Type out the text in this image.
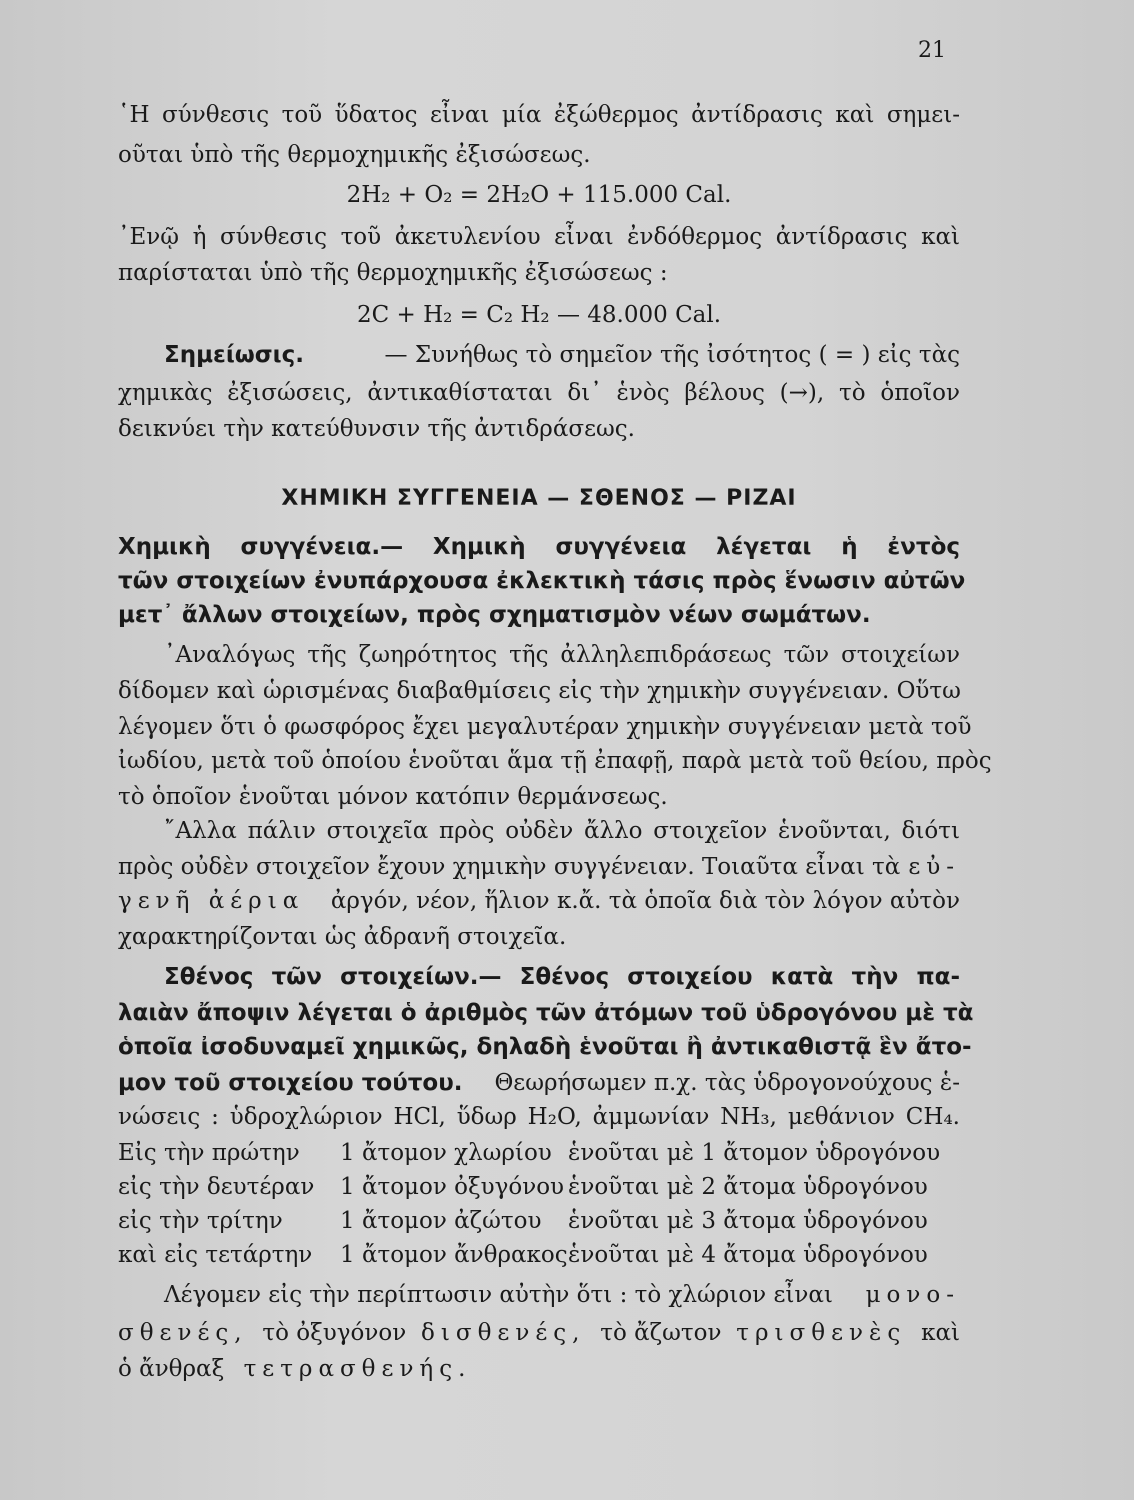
21
῾Η σύνθεσις τοῦ ὕδατος εἶναι μία ἐξώθερμος ἀντίδρασις καὶ σημει-
οῦται ὑπὸ τῆς θερμοχημικῆς ἐξισώσεως.
2H₂ + O₂ = 2H₂O + 115.000 Cal.
᾿Ενῷ ἡ σύνθεσις τοῦ ἀκετυλενίου εἶναι ἐνδόθερμος ἀντίδρασις καὶ
παρίσταται ὑπὸ τῆς θερμοχημικῆς ἐξισώσεως :
2C + H₂ = C₂ H₂ — 48.000 Cal.
Σημείωσις.	— Συνήθως τὸ σημεῖον τῆς ἰσότητος ( = ) εἰς τὰς
χημικὰς ἐξισώσεις, ἀντικαθίσταται δι᾿ ἑνὸς βέλους (→), τὸ ὁποῖον
δεικνύει τὴν κατεύθυνσιν τῆς ἀντιδράσεως.
ΧΗΜΙΚΗ ΣΥΓΓΕΝΕΙΑ — ΣΘΕΝΟΣ — ΡΙΖΑΙ
Χημικὴ συγγένεια.— Χημικὴ συγγένεια λέγεται ἡ ἐντὸς
τῶν στοιχείων ἐνυπάρχουσα ἐκλεκτικὴ τάσις πρὸς ἕνωσιν αὐτῶν
μετ᾿ ἄλλων στοιχείων, πρὸς σχηματισμὸν νέων σωμάτων.
᾿Αναλόγως τῆς ζωηρότητος τῆς ἀλληλεπιδράσεως τῶν στοιχείων
δίδομεν καὶ ὡρισμένας διαβαθμίσεις εἰς τὴν χημικὴν συγγένειαν. Οὕτω
λέγομεν ὅτι ὁ φωσφόρος ἔχει μεγαλυτέραν χημικὴν συγγένειαν μετὰ τοῦ
ἰωδίου, μετὰ τοῦ ὁποίου ἑνοῦται ἅμα τῇ ἐπαφῇ, παρὰ μετὰ τοῦ θείου, πρὸς
τὸ ὁποῖον ἑνοῦται μόνον κατόπιν θερμάνσεως.
῎Αλλα πάλιν στοιχεῖα πρὸς οὐδὲν ἄλλο στοιχεῖον ἑνοῦνται, διότι
πρὸς οὐδὲν στοιχεῖον ἔχουν χημικὴν συγγένειαν. Τοιαῦτα εἶναι τὰ εὐ-
γενῆ ἀέρια ἀργόν, νέον, ἥλιον κ.ἄ. τὰ ὁποῖα διὰ τὸν λόγον αὐτὸν
χαρακτηρίζονται ὡς ἀδρανῆ στοιχεῖα.
Σθένος τῶν στοιχείων.— Σθένος στοιχείου κατὰ τὴν πα-
λαιὰν ἄποψιν λέγεται ὁ ἀριθμὸς τῶν ἀτόμων τοῦ ὑδρογόνου μὲ τὰ
ὁποῖα ἰσοδυναμεῖ χημικῶς, δηλαδὴ ἑνοῦται ἢ ἀντικαθιστᾷ ἓν ἄτο-
μον τοῦ στοιχείου τούτου. Θεωρήσωμεν π.χ. τὰς ὑδρογονούχους ἑ-
νώσεις : ὑδροχλώριον HCl, ὕδωρ H₂O, ἀμμωνίαν NH₃, μεθάνιον CH₄.
Εἰς τὴν πρώτην 1 ἄτομον χλωρίου ἑνοῦται μὲ 1 ἄτομον ὑδρογόνου
εἰς τὴν δευτέραν 1 ἄτομον ὀξυγόνου ἑνοῦται μὲ 2 ἄτομα ὑδρογόνου
εἰς τὴν τρίτην 1 ἄτομον ἀζώτου ἑνοῦται μὲ 3 ἄτομα ὑδρογόνου
καὶ εἰς τετάρτην 1 ἄτομον ἄνθρακος ἑνοῦται μὲ 4 ἄτομα ὑδρογόνου
Λέγομεν εἰς τὴν περίπτωσιν αὐτὴν ὅτι : τὸ χλώριον εἶναι μονο-
σθενές, τὸ ὀξυγόνον δισθενές, τὸ ἄζωτον τρισθενὲς καὶ
ὁ ἄνθραξ τετρασθενής.
